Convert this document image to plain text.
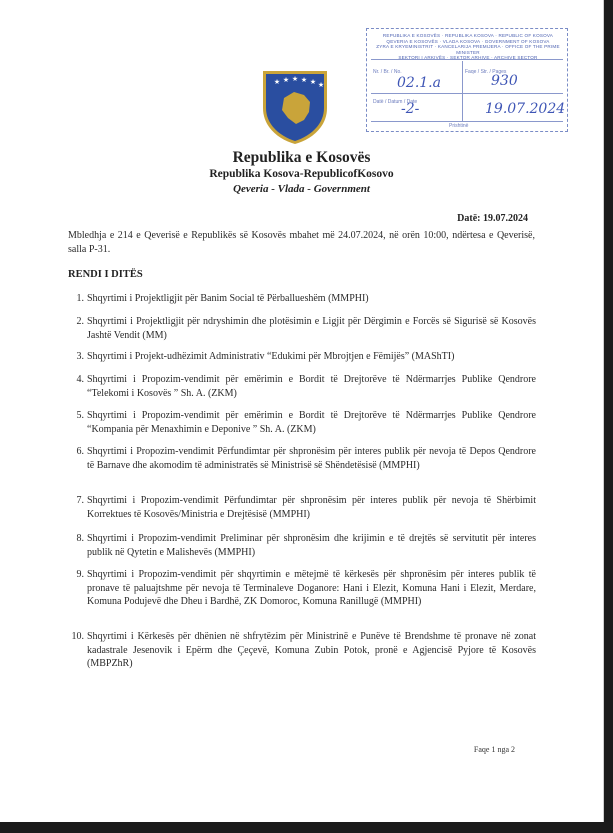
REPUBLIKA E KOSOVËS · REPUBLIKA KOSOVA · REPUBLIC OF KOSOVA
QEVERIA E KOSOVËS · VLADA KOSOVA · GOVERNMENT OF KOSOVA
ZYRA E KRYEMINISTRIT · KANCELARIJA PREMIJERA · OFFICE OF THE PRIME MINISTER
SEKTORI I ARKIVËS · SEKTOR ARHIVE · ARCHIVE SECTOR
Nr. / Br. / No.
Datë / Datum / Date
Faqe / Str. / Pages
02.1.a	930
-2-	19.07.2024
Prishtinë
★ ★ ★ ★ ★ ★
Republika e Kosovës
Republika Kosova-RepublicofKosovo
Qeveria - Vlada - Government
Datë: 19.07.2024
Mbledhja e 214 e Qeverisë e Republikës së Kosovës mbahet më 24.07.2024, në orën 10:00, ndërtesa e Qeverisë, salla P-31.
RENDI I DITËS
1. Shqyrtimi i Projektligjit për Banim Social të Përballueshëm (MMPHI)
2. Shqyrtimi i Projektligjit për ndryshimin dhe plotësimin e Ligjit për Dërgimin e Forcës së Sigurisë së Kosovës Jashtë Vendit (MM)
3. Shqyrtimi i Projekt-udhëzimit Administrativ “Edukimi për Mbrojtjen e Fëmijës” (MAShTI)
4. Shqyrtimi i Propozim-vendimit për emërimin e Bordit të Drejtorëve të Ndërmarrjes Publike Qendrore “Telekomi i Kosovës ” Sh. A. (ZKM)
5. Shqyrtimi i Propozim-vendimit për emërimin e Bordit të Drejtorëve të Ndërmarrjes Publike Qendrore “Kompania për Menaxhimin e Deponive ” Sh. A. (ZKM)
6. Shqyrtimi i Propozim-vendimit Përfundimtar për shpronësim për interes publik për nevoja të Depos Qendrore të Barnave dhe akomodim të administratës së Ministrisë së Shëndetësisë (MMPHI)
7. Shqyrtimi i Propozim-vendimit Përfundimtar për shpronësim për interes publik për nevoja të Shërbimit Korrektues të Kosovës/Ministria e Drejtësisë (MMPHI)
8. Shqyrtimi i Propozim-vendimit Preliminar për shpronësim dhe krijimin e të drejtës së servitutit për interes publik në Qytetin e Malishevës (MMPHI)
9. Shqyrtimi i Propozim-vendimit për shqyrtimin e mëtejmë të kërkesës për shpronësim për interes publik të pronave të paluajtshme për nevoja të Terminaleve Doganore: Hani i Elezit, Komuna Hani i Elezit, Merdare, Komuna Podujevë dhe Dheu i Bardhë, ZK Domoroc, Komuna Ranillugë (MMPHI)
10. Shqyrtimi i Kërkesës për dhënien në shfrytëzim për Ministrinë e Punëve të Brendshme të pronave në zonat kadastrale Jesenovik i Epërm dhe Çeçevë, Komuna Zubin Potok, pronë e Agjencisë Pyjore të Kosovës (MBPZhR)
Faqe 1 nga 2
